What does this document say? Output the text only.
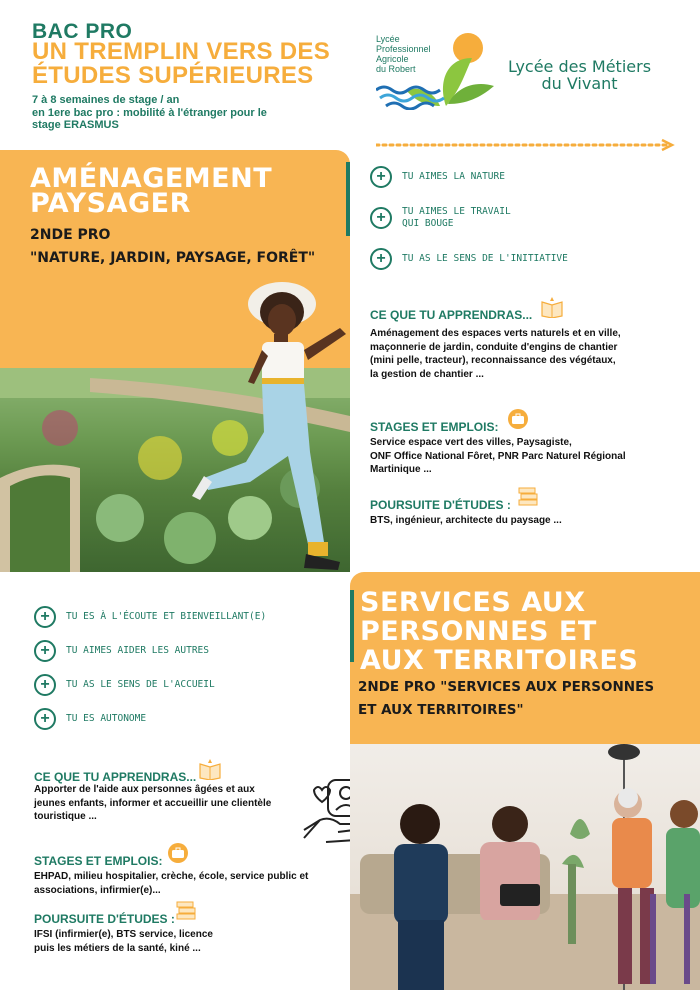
BAC PRO
UN TREMPLIN VERS DES
ÉTUDES SUPÉRIEURES
7 à 8 semaines de stage / an
en 1ere bac pro : mobilité à l'étranger pour le
stage ERASMUS
Lycée
Professionnel
Agricole
du Robert	Lycée des Métiers
du Vivant
AMÉNAGEMENT
PAYSAGER
2NDE PRO
"NATURE, JARDIN, PAYSAGE, FORÊT"
+	TU AIMES LA NATURE
+	TU AIMES LE TRAVAIL
QUI BOUGE
+	TU AS LE SENS DE L'INITIATIVE
CE QUE TU APPRENDRAS...
Aménagement des espaces verts naturels et en ville,
maçonnerie de jardin, conduite d'engins de chantier
(mini pelle, tracteur), reconnaissance des végétaux,
la gestion de chantier ...
STAGES ET EMPLOIS:
Service espace vert des villes, Paysagiste,
ONF Office National Fôret, PNR Parc Naturel Régional
Martinique ...
POURSUITE D'ÉTUDES :
BTS, ingénieur, architecte du paysage ...
SERVICES AUX
PERSONNES ET
AUX TERRITOIRES
2NDE PRO "SERVICES AUX PERSONNES
ET AUX TERRITOIRES"
+	TU ES À L'ÉCOUTE ET BIENVEILLANT(E)
+	TU AIMES AIDER LES AUTRES
+	TU AS LE SENS DE L'ACCUEIL
+	TU ES AUTONOME
CE QUE TU APPRENDRAS...
Apporter de l'aide aux personnes âgées et aux
jeunes enfants, informer et accueillir une clientèle
touristique ...
STAGES ET EMPLOIS:
EHPAD, milieu hospitalier, crèche, école, service public et
associations, infirmier(e)...
POURSUITE D'ÉTUDES :
IFSI (infirmier(e), BTS service, licence
puis les métiers de la santé, kiné ...
